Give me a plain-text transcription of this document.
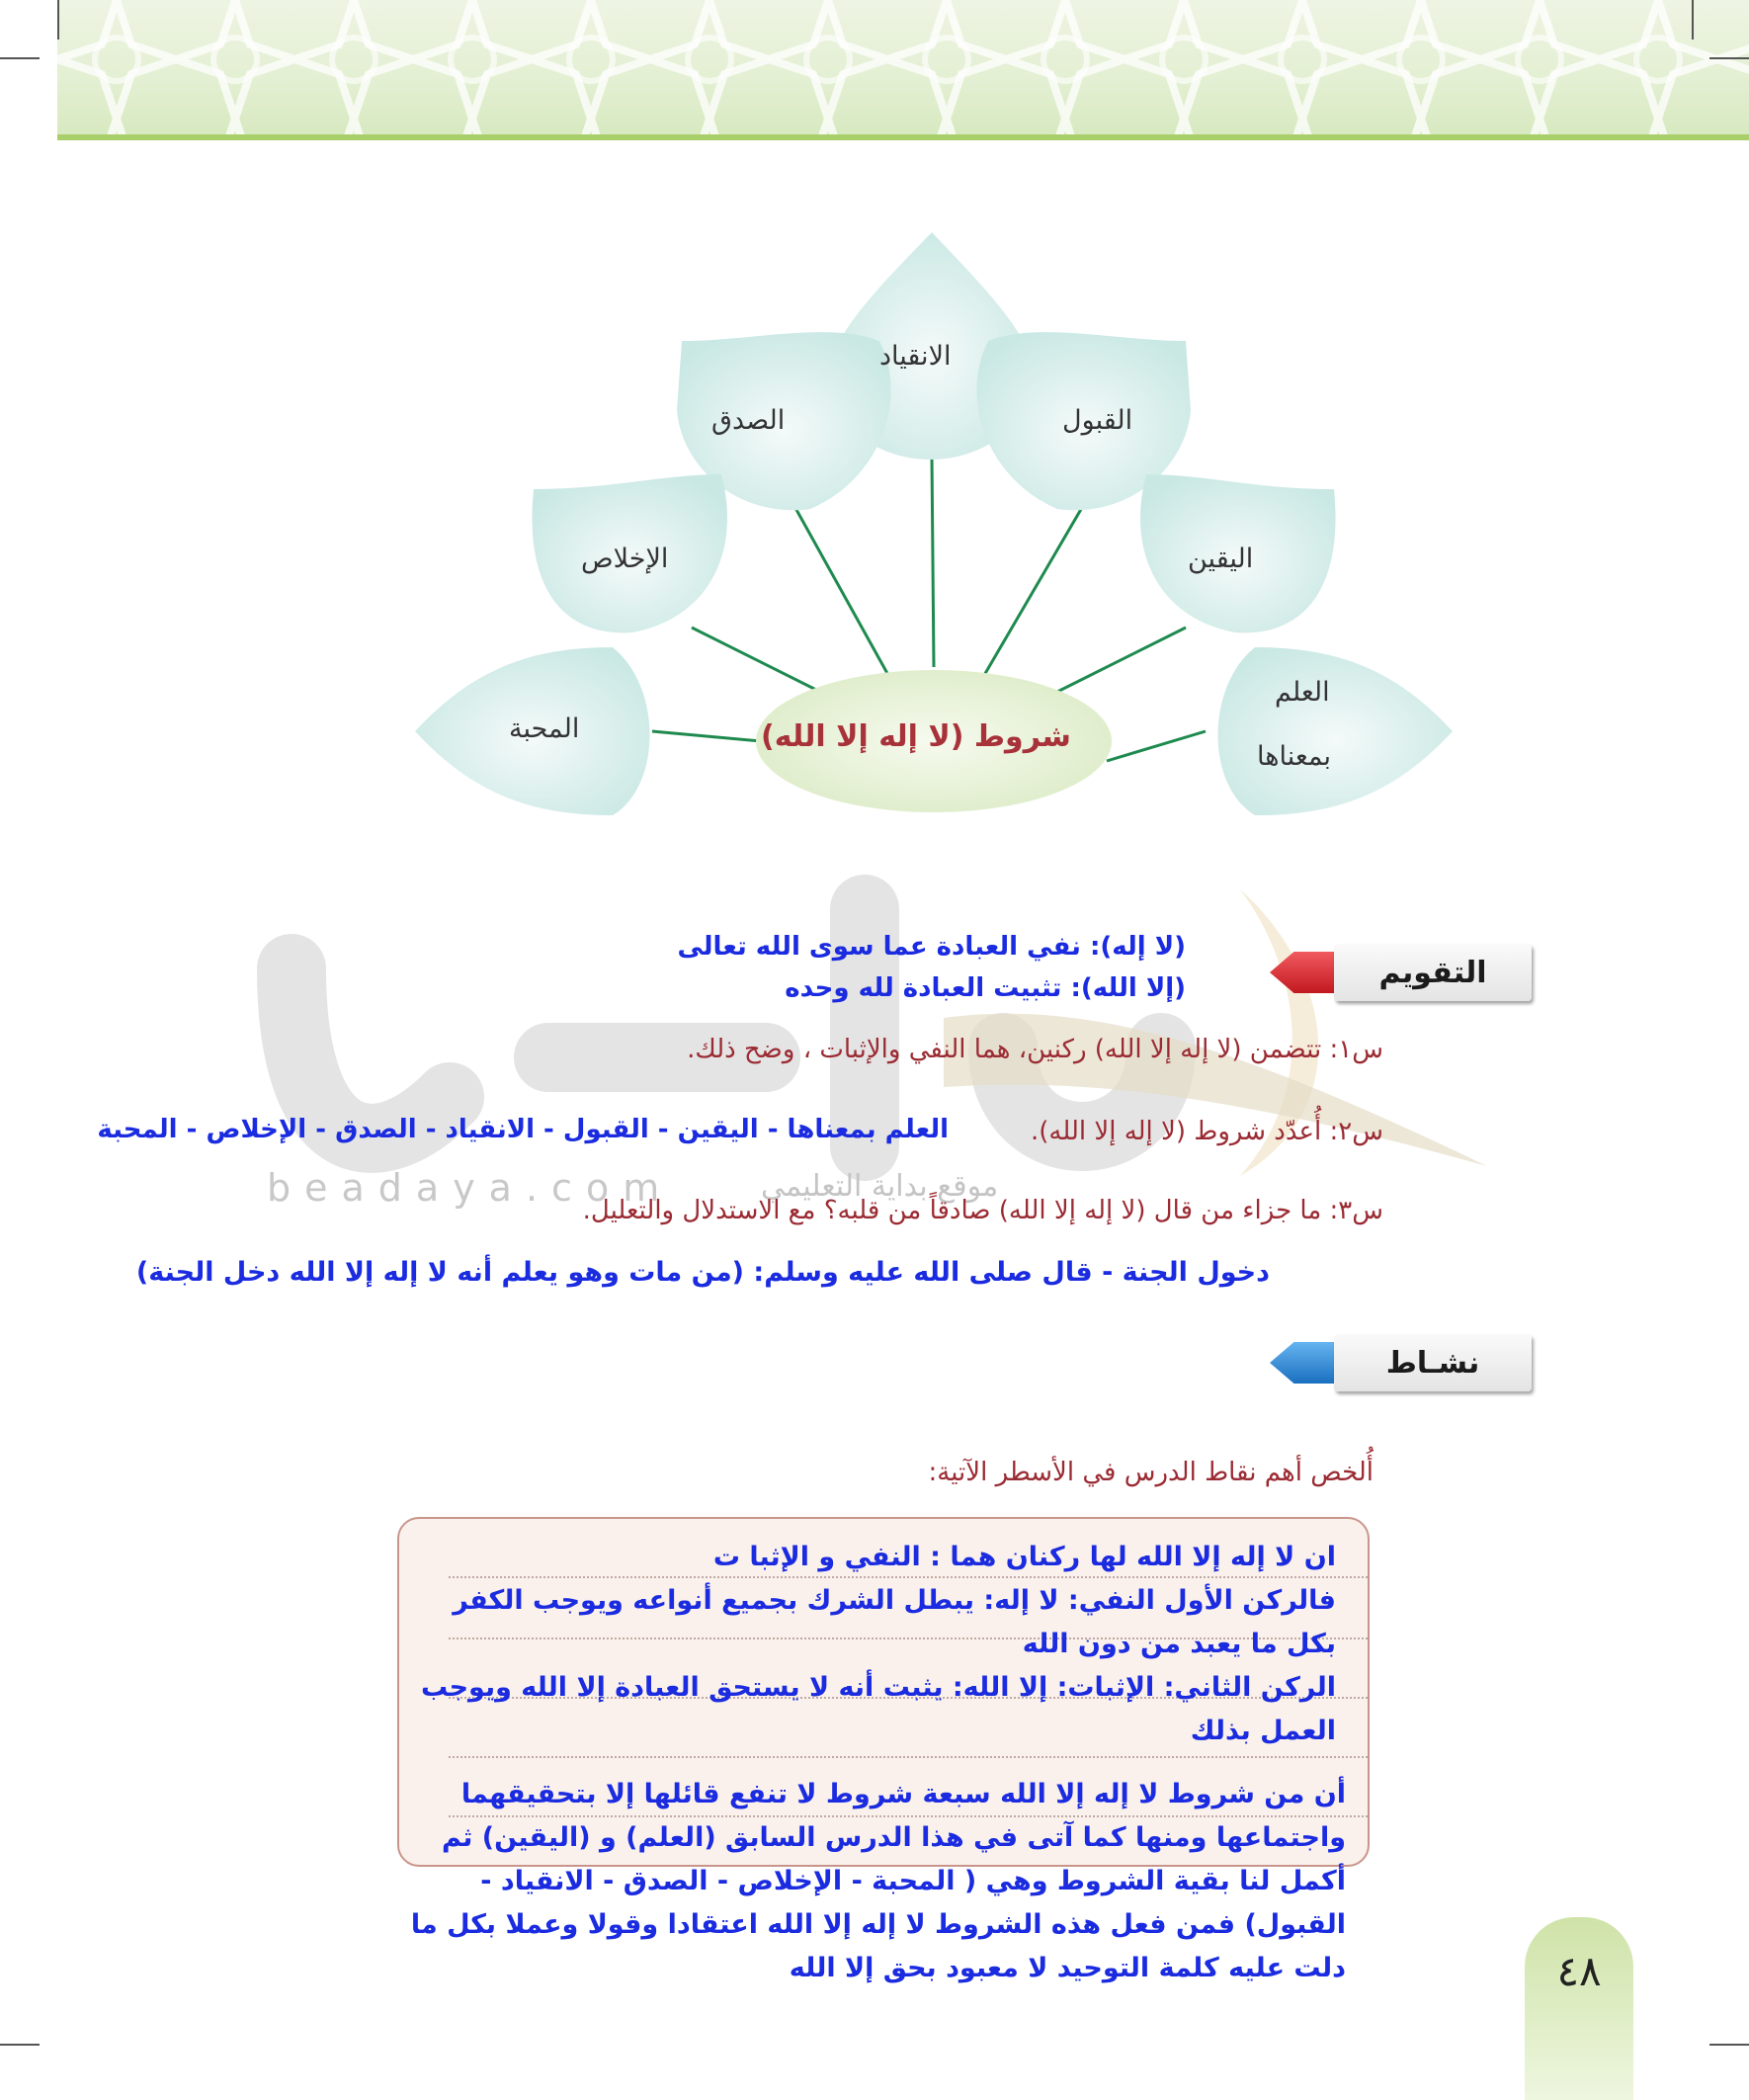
beadaya.com	موقع بداية التعليمي
الانقياد
الصدق	القبول
الإخلاص	اليقين
المحبة
العلم
بمعناها
شروط (لا إله إلا الله)
التقويم
(لا إله): نفي العبادة عما سوى الله تعالى
(إلا الله): تثبيت العبادة لله وحده
س١: تتضمن (لا إله إلا الله) ركنين، هما النفي والإثبات ، وضح ذلك.
س٢: أُعدّد شروط (لا إله إلا الله).
العلم بمعناها - اليقين - القبول - الانقياد - الصدق - الإخلاص - المحبة
س٣: ما جزاء من قال (لا إله إلا الله) صادقاً من قلبه؟ مع الاستدلال والتعليل.
دخول الجنة - قال صلى الله عليه وسلم: (من مات وهو يعلم أنه لا إله إلا الله دخل الجنة)
نشـاط
أُلخص أهم نقاط الدرس في الأسطر الآتية:
ان لا إله إلا الله لها ركنان هما : النفي و الإثبا ت
فالركن الأول النفي: لا إله: يبطل الشرك بجميع أنواعه ويوجب الكفر
بكل ما يعبد من دون الله
الركن الثاني: الإثبات: إلا الله: يثبت أنه لا يستحق العبادة إلا الله ويوجب
العمل بذلك
أن من شروط لا إله إلا الله سبعة شروط لا تنفع قائلها إلا بتحقيقهما
واجتماعها ومنها كما آتى في هذا الدرس السابق (العلم) و (اليقين) ثم
أكمل لنا بقية الشروط وهي ( المحبة - الإخلاص - الصدق - الانقياد -
القبول) فمن فعل هذه الشروط لا إله إلا الله اعتقادا وقولا وعملا بكل ما
دلت عليه كلمة التوحيد لا معبود بحق إلا الله	٤٨
